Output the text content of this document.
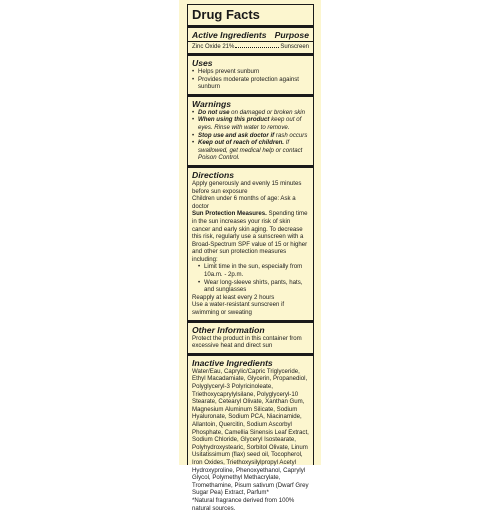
Drug Facts
Active Ingredients Purpose
Zinc Oxide 21%	Sunscreen
Uses
• Helps prevent sunburn
• Provides moderate protection against sunburn
Warnings
• Do not use on damaged or broken skin
• When using this product keep out of eyes. Rinse with water to remove.
• Stop use and ask doctor if rash occurs
• Keep out of reach of children. If swallowed, get medical help or contact Poison Control.
Directions

Apply generously and evenly 15 minutes before sun exposure

Children under 6 months of age: Ask a doctor

Sun Protection Measures. Spending time in the sun increases your risk of skin cancer and early skin aging. To decrease this risk, regularly use a sunscreen with a Broad-Spectrum SPF value of 15 or higher and other sun protection measures including:

• Limit time in the sun, especially from 10a.m. - 2p.m.
• Wear long-sleeve shirts, pants, hats, and sunglasses

Reapply at least every 2 hours

Use a water-resistant sunscreen if swimming or sweating

Other Information

Protect the product in this container from excessive heat and direct sun

Inactive Ingredients

Water/Eau, Caprylic/Capric Triglyceride, Ethyl Macadamiate, Glycerin, Propanediol, Polyglyceryl-3 Polyricinoleate, Triethoxycaprylylsilane, Polyglyceryl-10 Stearate, Cetearyl Olivate, Xanthan Gum, Magnesium Aluminum Silicate, Sodium Hyaluronate, Sodium PCA, Niacinamide, Allantoin, Quercitin, Sodium Ascorbyl Phosphate, Camellia Sinensis Leaf Extract, Sodium Chloride, Glyceryl Isostearate, Polyhydroxystearic, Sorbitol Olivate, Linum Usitatissimum (flax) seed oil, Tocopherol, Iron Oxides, Triethoxysilylpropyl Acetyl Hydroxyproline, Phenoxyethanol, Caprylyl Glycol, Polymethyl Methacrylate, Tromethamine, Pisum sativum (Dwarf Grey Sugar Pea) Extract, Parfum*

*Natural fragrance derived from 100% natural sources.
